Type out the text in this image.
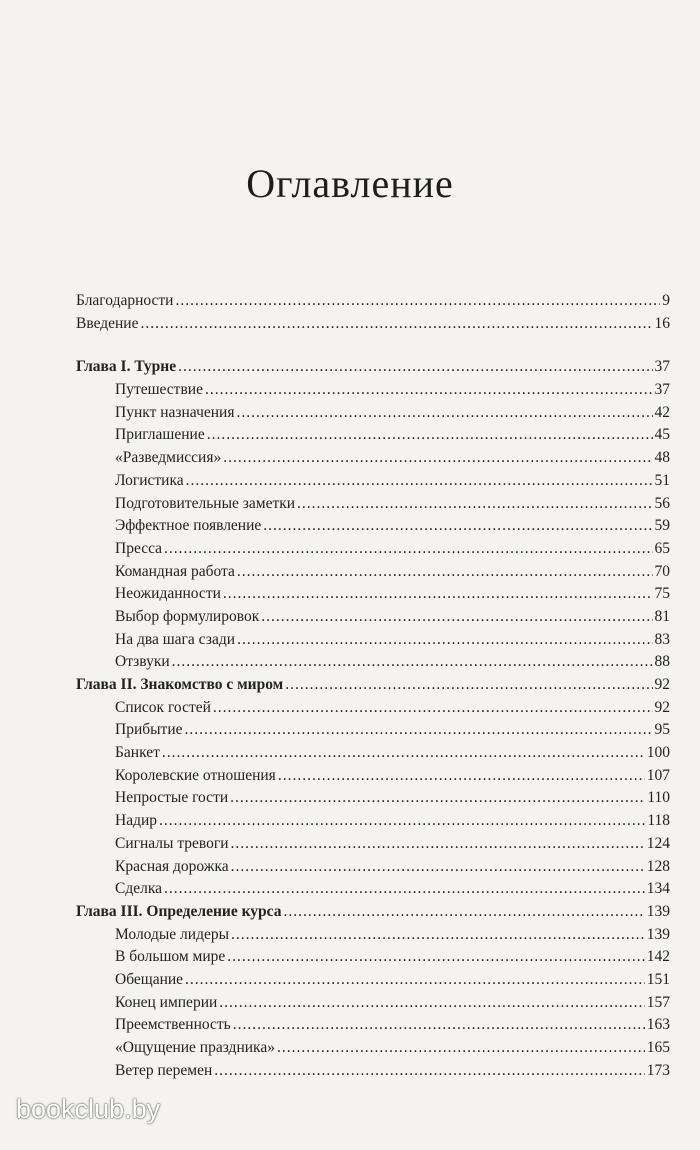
Оглавление
Благодарности .....	9
Введение .....	16
Глава I. Турне .....	37
Путешествие .....	37
Пункт назначения .....	42
Приглашение .....	45
«Разведмиссия» .....	48
Логистика .....	51
Подготовительные заметки .....	56
Эффектное появление .....	59
Пресса .....	65
Командная работа .....	70
Неожиданности .....	75
Выбор формулировок .....	81
На два шага сзади .....	83
Отзвуки .....	88
Глава II. Знакомство с миром .....	92
Список гостей .....	92
Прибытие .....	95
Банкет .....	100
Королевские отношения .....	107
Непростые гости .....	110
Надир .....	118
Сигналы тревоги .....	124
Красная дорожка .....	128
Сделка .....	134
Глава III. Определение курса .....	139
Молодые лидеры .....	139
В большом мире .....	142
Обещание .....	151
Конец империи .....	157
Преемственность .....	163
«Ощущение праздника» .....	165
Ветер перемен .....	173
bookclub.by
